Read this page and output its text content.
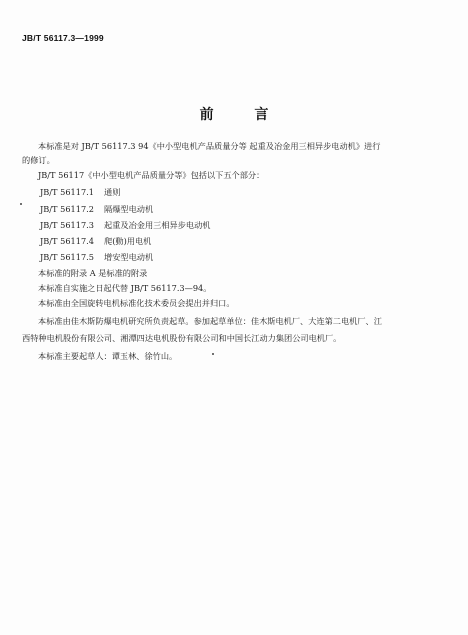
JB/T 56117.3—1999
前 言
本标准是对 JB/T 56117.3 94《中小型电机产品质量分等 起重及冶金用三相异步电动机》进行
的修订。
JB/T 56117《中小型电机产品质量分等》包括以下五个部分：
JB/T 56117.1 通则
JB/T 56117.2 隔爆型电动机
JB/T 56117.3 起重及冶金用三相异步电动机
JB/T 56117.4 爬(動)用电机
JB/T 56117.5 增安型电动机
本标准的附录 A 是标准的附录
本标准自实施之日起代替 JB/T 56117.3—94。
本标准由全国旋转电机标准化技术委员会提出并归口。
本标准由佳木斯防爆电机研究所负责起草。参加起草单位：佳木斯电机厂、大连第二电机厂、江
西特种电机股份有限公司、湘潭四达电机股份有限公司和中国长江动力集团公司电机厂。
本标准主要起草人：谭玉林、徐竹山。
